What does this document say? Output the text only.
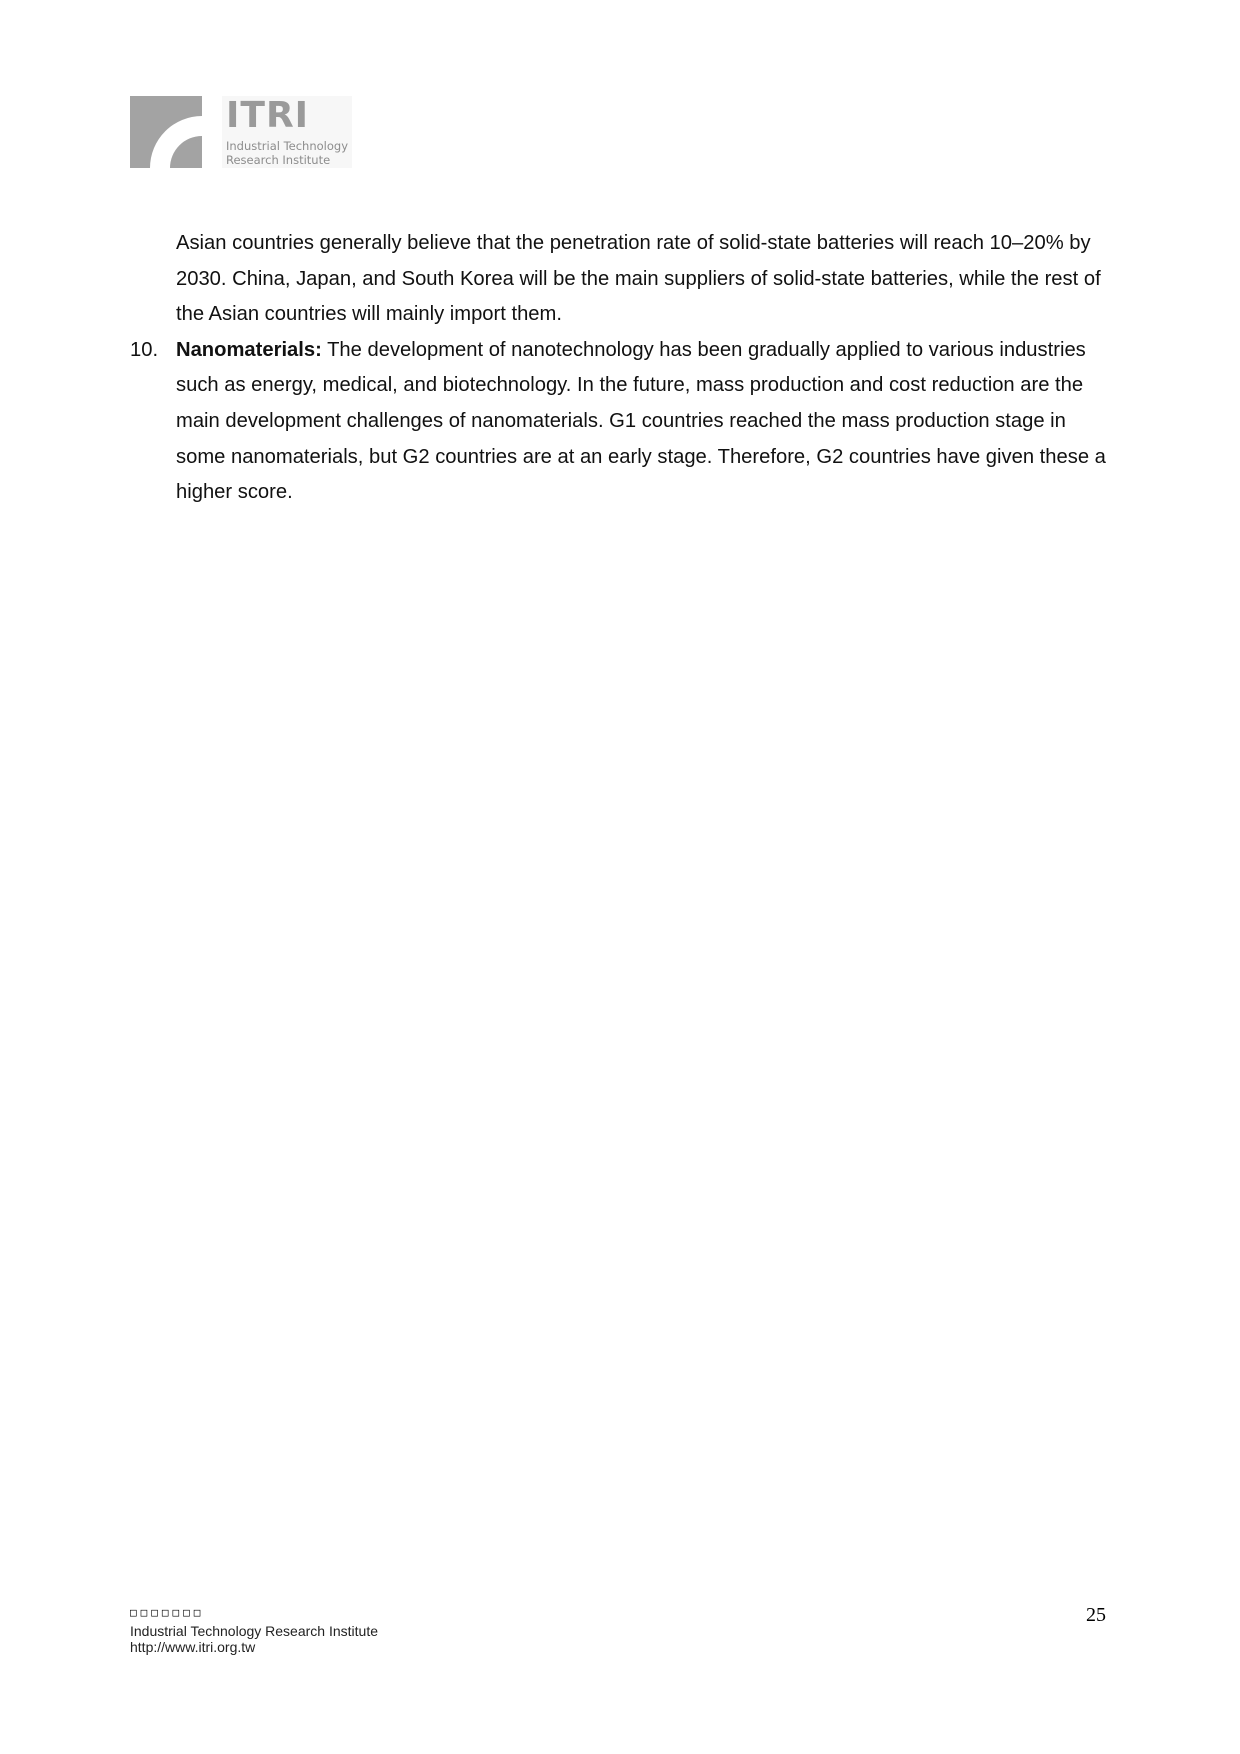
ITRI
Industrial Technology
Research Institute

Asian countries generally believe that the penetration rate of solid-state batteries will reach 10–20% by 2030. China, Japan, and South Korea will be the main suppliers of solid-state batteries, while the rest of the Asian countries will mainly import them.

10. Nanomaterials: The development of nanotechnology has been gradually applied to various industries such as energy, medical, and biotechnology. In the future, mass production and cost reduction are the main development challenges of nanomaterials. G1 countries reached the mass production stage in some nanomaterials, but G2 countries are at an early stage. Therefore, G2 countries have given these a higher score.
□□□□□□□
Industrial Technology Research Institute
http://www.itri.org.tw
25
